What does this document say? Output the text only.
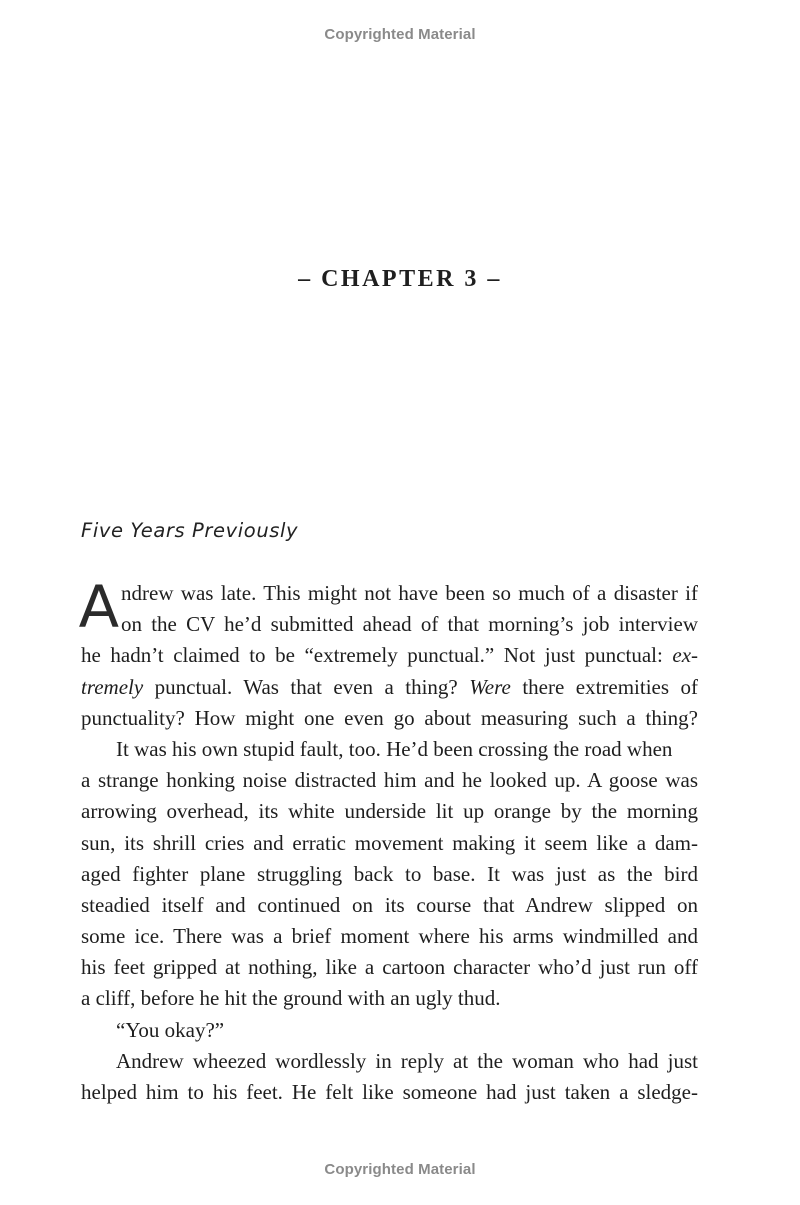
Copyrighted Material
– CHAPTER 3 –
Five Years Previously
A ndrew was late. This might not have been so much of a disaster if
on the CV he’d submitted ahead of that morning’s job interview
he hadn’t claimed to be “extremely punctual.” Not just punctual: ex-
tremely punctual. Was that even a thing? Were there extremities of
punctuality? How might one even go about measuring such a thing?
It was his own stupid fault, too. He’d been crossing the road when
a strange honking noise distracted him and he looked up. A goose was
arrowing overhead, its white underside lit up orange by the morning
sun, its shrill cries and erratic movement making it seem like a dam-
aged fighter plane struggling back to base. It was just as the bird
steadied itself and continued on its course that Andrew slipped on
some ice. There was a brief moment where his arms windmilled and
his feet gripped at nothing, like a cartoon character who’d just run off
a cliff, before he hit the ground with an ugly thud.
“You okay?”
Andrew wheezed wordlessly in reply at the woman who had just
helped him to his feet. He felt like someone had just taken a sledge-
Copyrighted Material
